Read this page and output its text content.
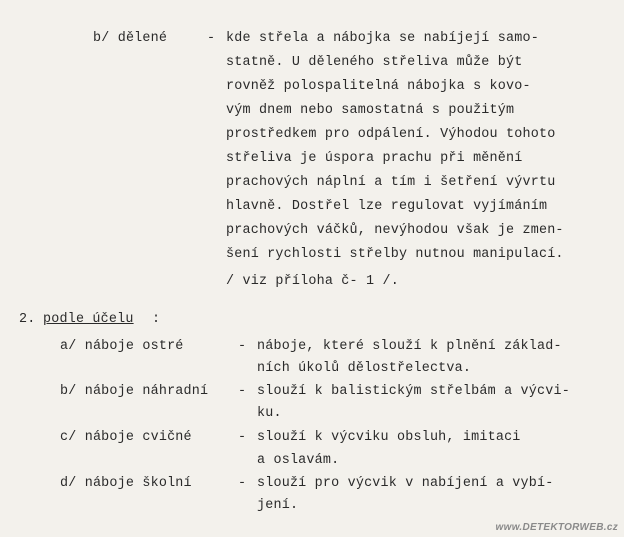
b/ dělené	- kde střela a nábojka se nabíjejí samo-
statně. U děleného střeliva může být
rovněž polospalitelná nábojka s kovo-
vým dnem nebo samostatná s použitým
prostředkem pro odpálení. Výhodou tohoto
střeliva je úspora prachu při měnění
prachových náplní a tím i šetření vývrtu
hlavně. Dostřel lze regulovat vyjímáním
prachových váčků, nevýhodou však je zmen-
šení rychlosti střelby nutnou manipulací.
/ viz příloha č- 1 /.
2. podle účelu :
a/ náboje ostré	- náboje, které slouží k plnění základ-
ních úkolů dělostřelectva.
b/ náboje náhradní - slouží k balistickým střelbám a výcvi-
ku.
c/ náboje cvičné	- slouží k výcviku obsluh, imitaci
a oslavám.
d/ náboje školní	- slouží pro výcvik v nabíjení a vybí-
jení.
www.DETEKTORWEB.cz
